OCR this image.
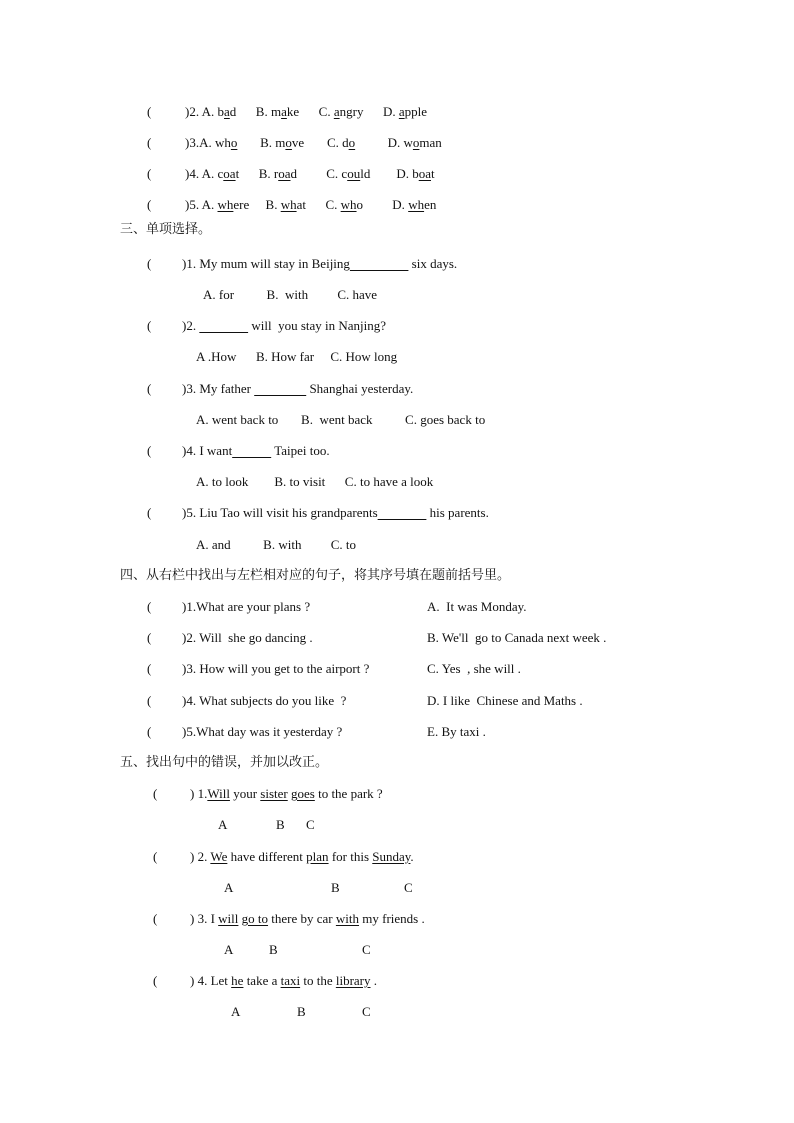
(	)2. A. bad      B. make      C. angry      D. apple
(	)3.A. who       B. move       C. do          D. woman
(	)4. A. coat      B. road         C. could        D. boat
(	)5. A. where     B. what      C. who         D. when
三、单项选择。
( )1. My mum will stay in Beijing	six days.
A. for          B.  with         C. have
( )2.	will  you stay in Nanjing?
A .How      B. How far     C. How long
( )3. My father	Shanghai yesterday.
A. went back to       B.  went back          C. goes back to
( )4. I want	Taipei too.
A. to look        B. to visit      C. to have a look
( )5. Liu Tao will visit his grandparents	his parents.
A. and          B. with         C. to
四、从右栏中找出与左栏相对应的句子，将其序号填在题前括号里。
( )1.What are your plans ?	A.  It was Monday.
( )2. Will  she go dancing .	B. We'll  go to Canada next week .
( )3. How will you get to the airport ?	C. Yes  , she will .
( )4. What subjects do you like  ?	D. I like  Chinese and Maths .
( )5.What day was it yesterday ?	E. By taxi .
五、找出句中的错误，并加以改正。
(	) 1.Will your sister goes to the park ?
A	B C
(	) 2. We have different plan for this Sunday.
A	B	C
(	) 3. I will go to there by car with my friends .
A	B	C
(	) 4. Let he take a taxi to the library .
A	B	C
